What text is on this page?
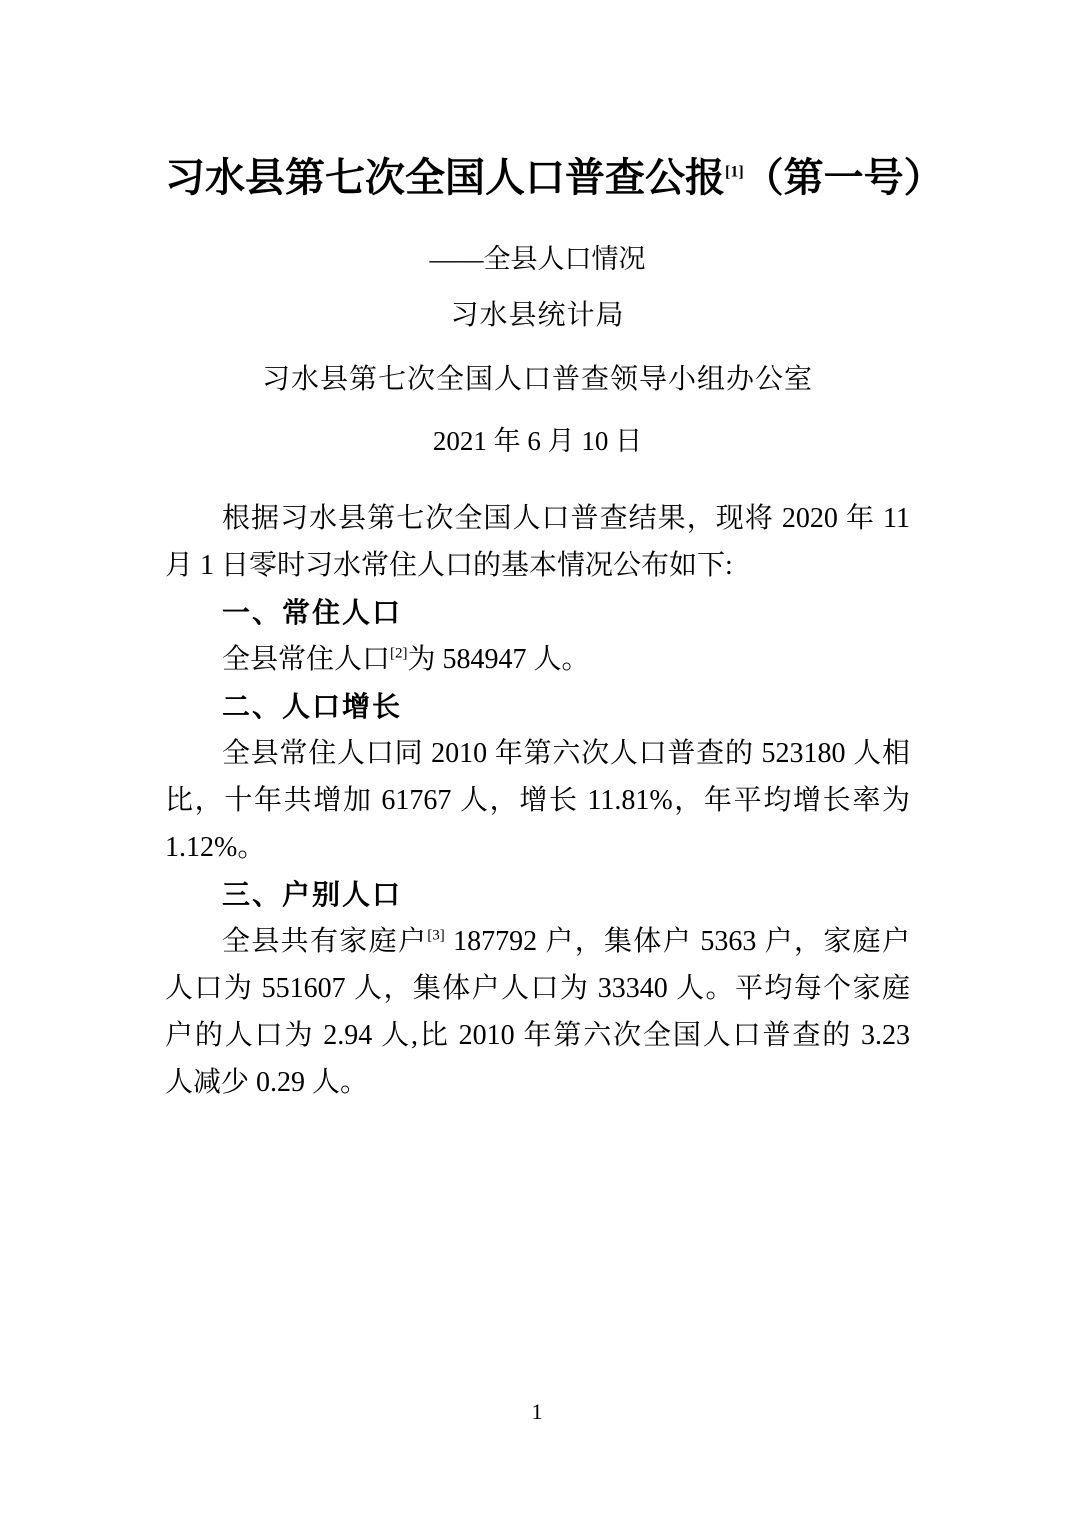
习水县第七次全国人口普查公报[1]（第一号）
——全县人口情况
习水县统计局
习水县第七次全国人口普查领导小组办公室
2021 年 6 月 10 日

根据习水县第七次全国人口普查结果，现将 2020 年 11

月 1 日零时习水常住人口的基本情况公布如下:

一、常住人口

全县常住人口[2]为 584947 人。

二、人口增长

全县常住人口同 2010 年第六次人口普查的 523180 人相

比，十年共增加 61767 人，增长 11.81%，年平均增长率为

1.12%。

三、户别人口

全县共有家庭户[3] 187792 户，集体户 5363 户，家庭户

人口为 551607 人，集体户人口为 33340 人。平均每个家庭

户的人口为 2.94 人,比 2010 年第六次全国人口普查的 3.23

人减少 0.29 人。

1
